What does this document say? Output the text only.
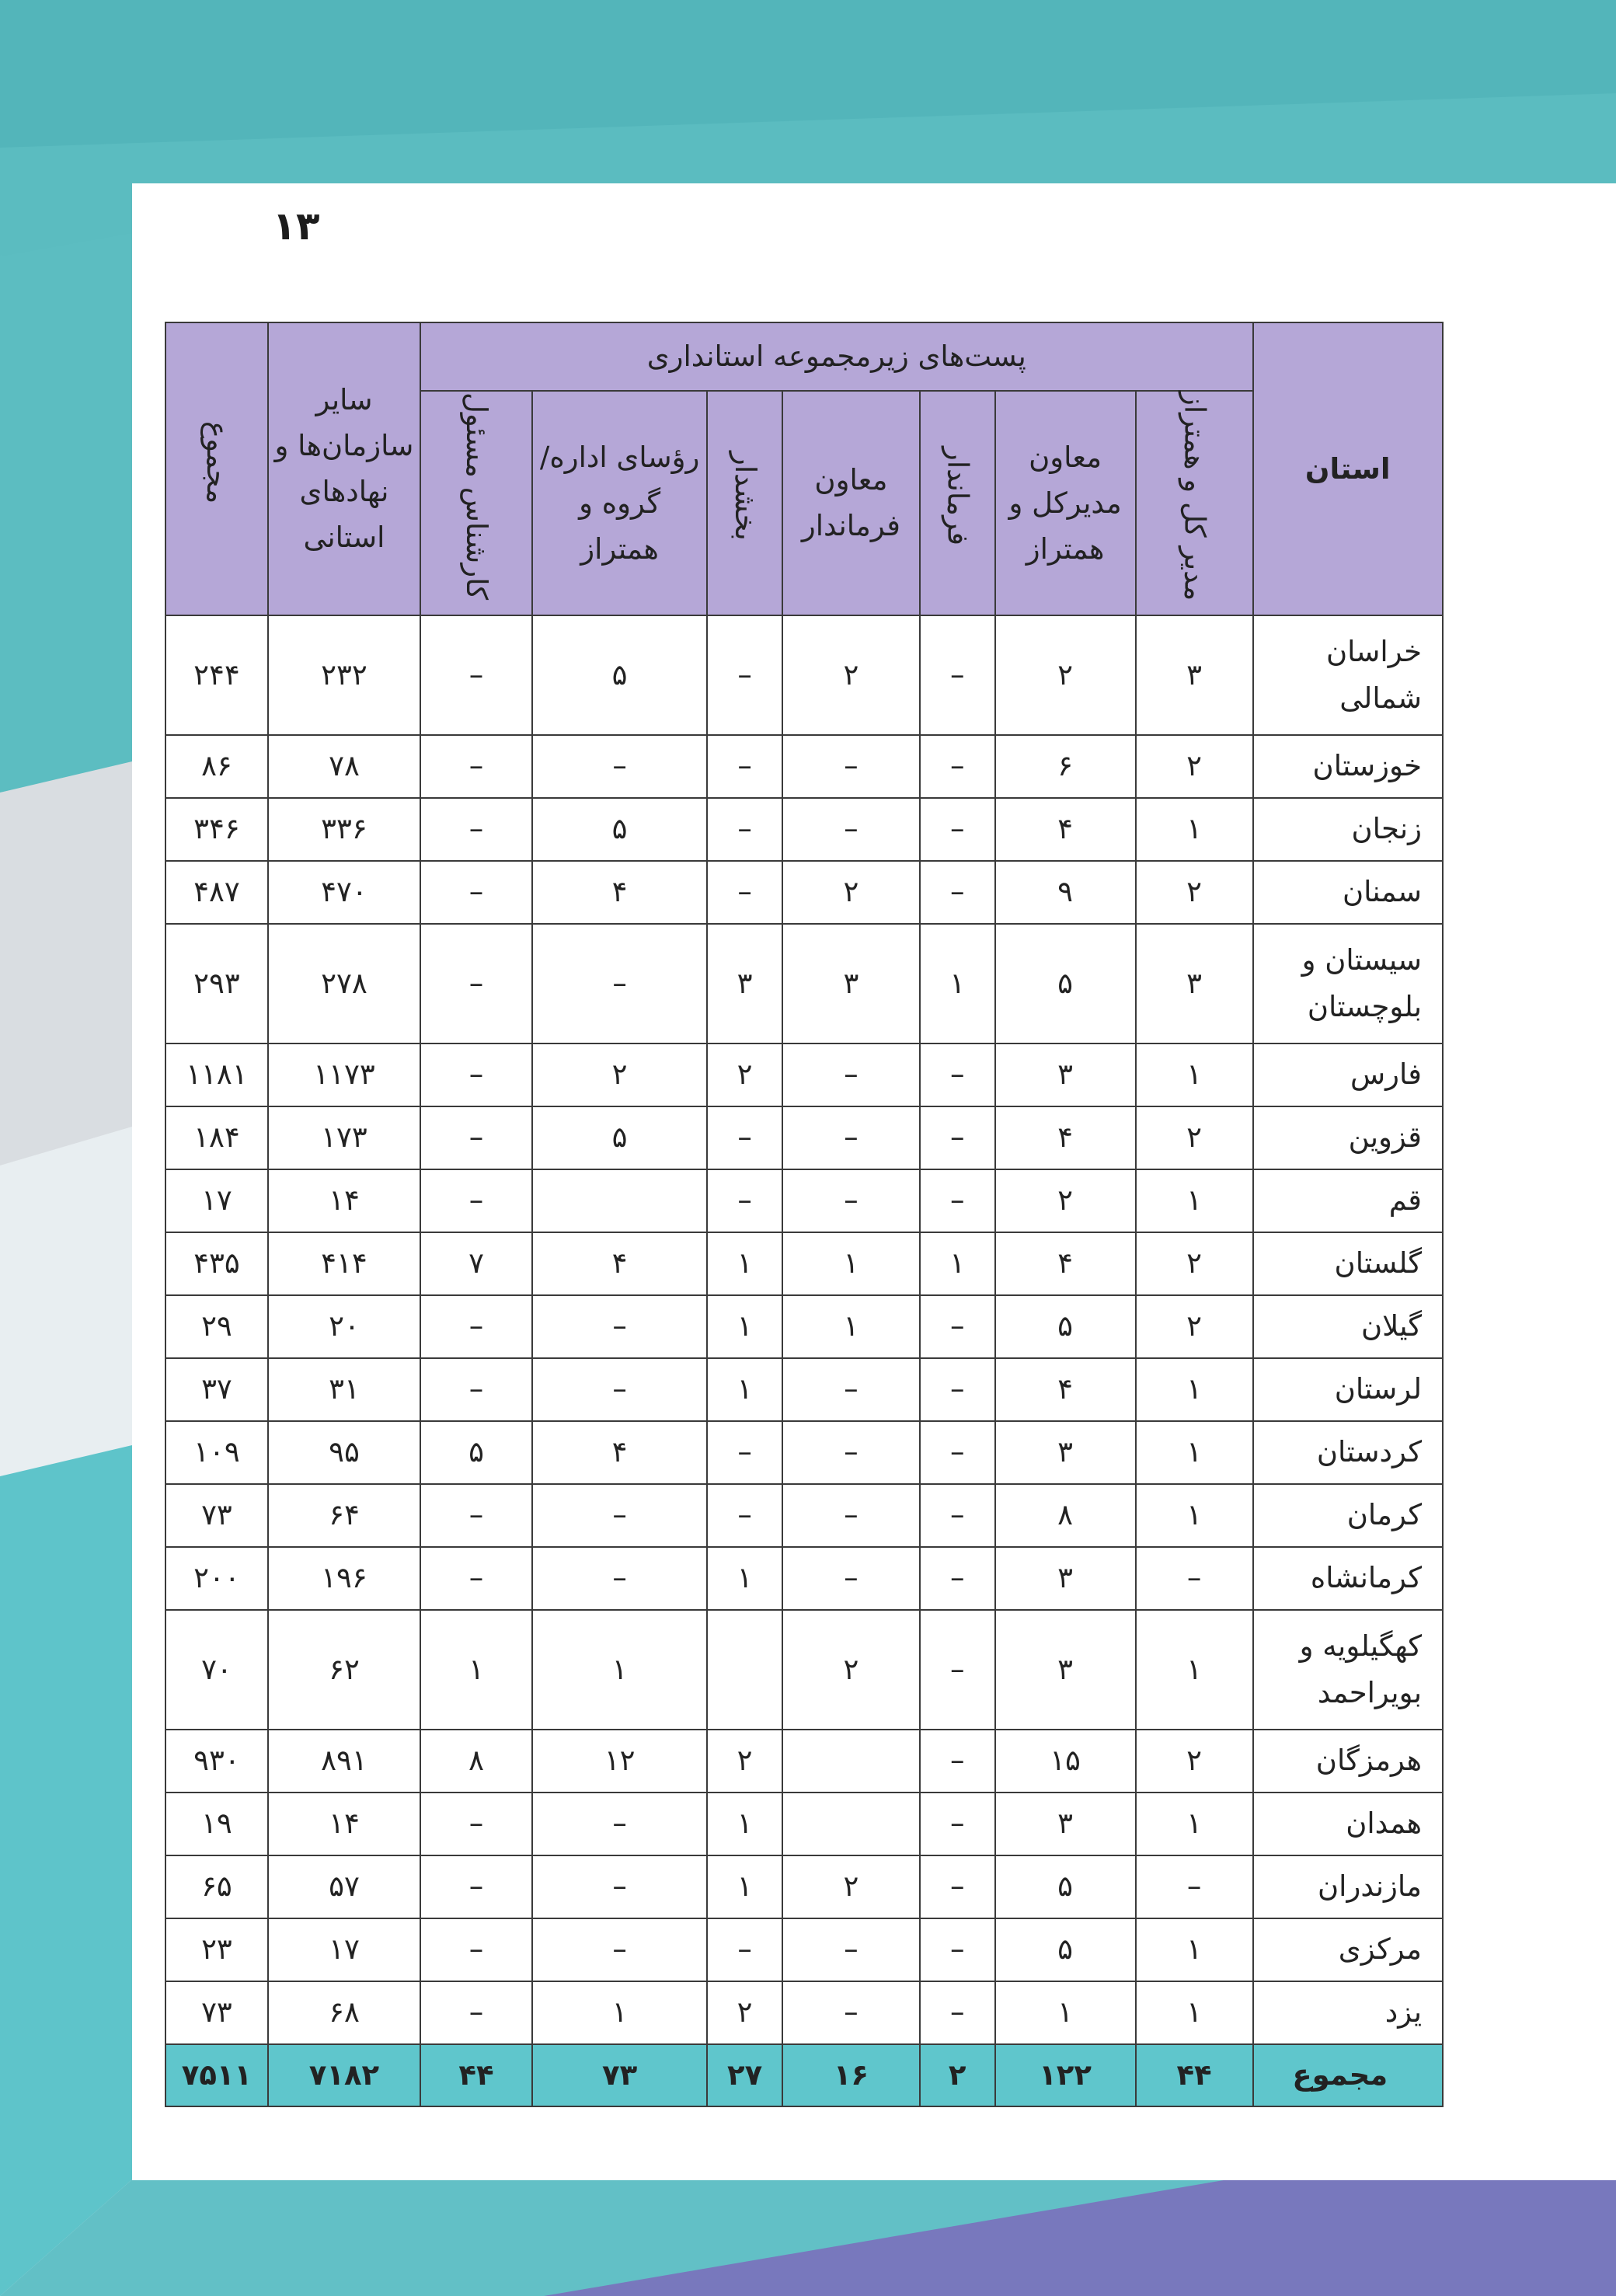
۱۳
استان	پست‌های زیرمجموعه استانداری							سایر سازمان‌ها و نهادهای استانی	مجموع
	مدیر کل و همتراز	معاون مدیرکل و همتراز	فرماندار	معاون فرماندار	بخشدار	رؤسای اداره/ گروه و همتراز	کارشناس مسئول		
خراسان شمالی	۳	۲	–	۲	–	۵	–	۲۳۲	۲۴۴
خوزستان	۲	۶	–	–	–	–	–	۷۸	۸۶
زنجان	۱	۴	–	–	–	۵	–	۳۳۶	۳۴۶
سمنان	۲	۹	–	۲	–	۴	–	۴۷۰	۴۸۷
سیستان و بلوچستان	۳	۵	۱	۳	۳	–	–	۲۷۸	۲۹۳
فارس	۱	۳	–	–	۲	۲	–	۱۱۷۳	۱۱۸۱
قزوین	۲	۴	–	–	–	۵	–	۱۷۳	۱۸۴
قم	۱	۲	–	–	–		–	۱۴	۱۷
گلستان	۲	۴	۱	۱	۱	۴	۷	۴۱۴	۴۳۵
گیلان	۲	۵	–	۱	۱	–	–	۲۰	۲۹
لرستان	۱	۴	–	–	۱	–	–	۳۱	۳۷
کردستان	۱	۳	–	–	–	۴	۵	۹۵	۱۰۹
کرمان	۱	۸	–	–	–	–	–	۶۴	۷۳
کرمانشاه	–	۳	–	–	۱	–	–	۱۹۶	۲۰۰
کهگیلویه و بویراحمد	۱	۳	–	۲		۱	۱	۶۲	۷۰
هرمزگان	۲	۱۵	–		۲	۱۲	۸	۸۹۱	۹۳۰
همدان	۱	۳	–		۱	–	–	۱۴	۱۹
مازندران	–	۵	–	۲	۱	–	–	۵۷	۶۵
مرکزی	۱	۵	–	–	–	–	–	۱۷	۲۳
یزد	۱	۱	–	–	۲	۱	–	۶۸	۷۳
مجموع	۴۴	۱۲۲	۲	۱۶	۲۷	۷۳	۴۴	۷۱۸۲	۷۵۱۱
